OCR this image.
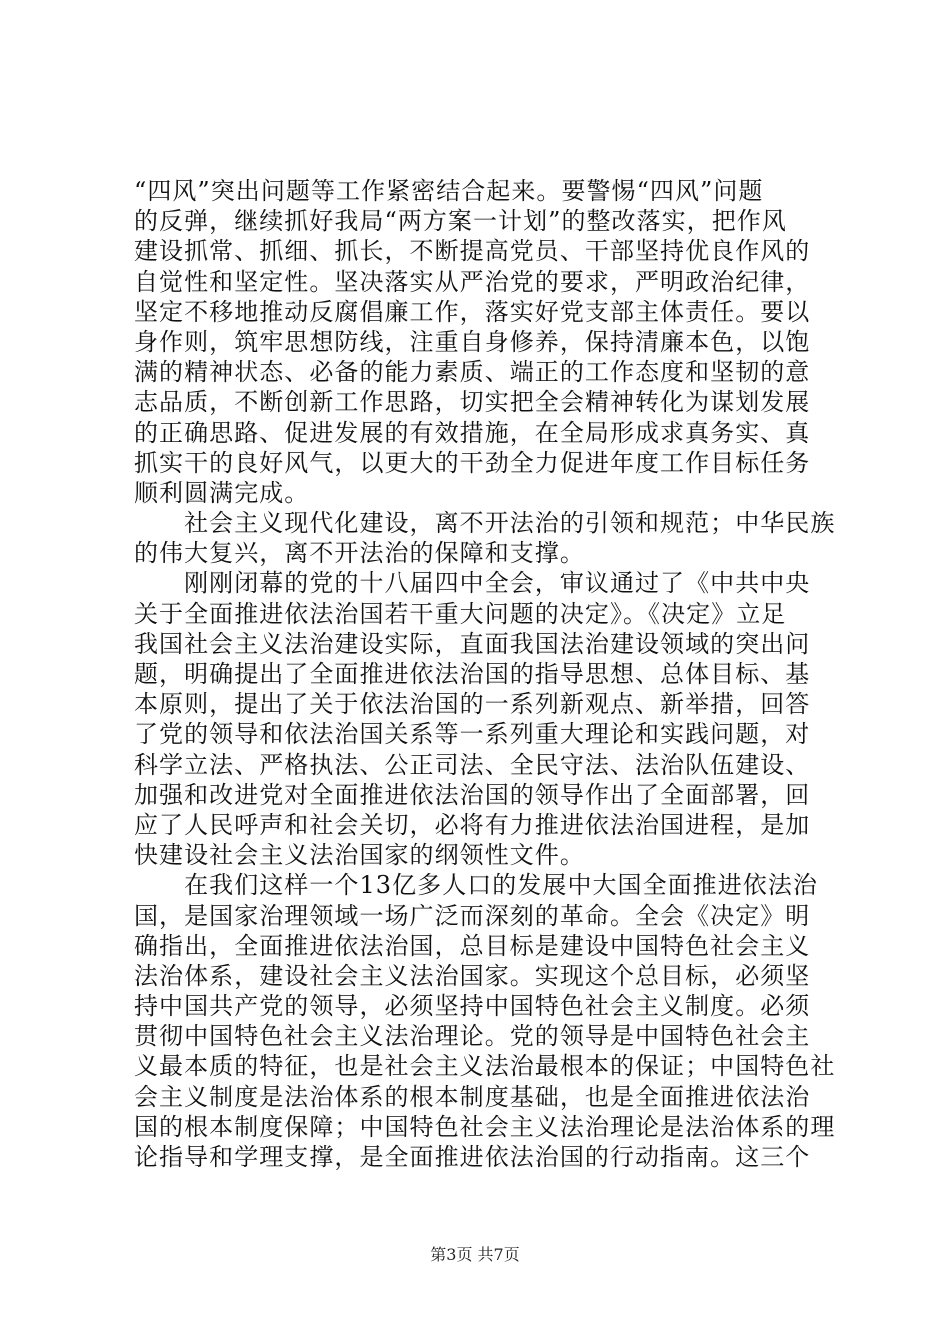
“四风”突出问题等工作紧密结合起来。要警惕“四风”问题
的反弹，继续抓好我局“两方案一计划”的整改落实，把作风
建设抓常、抓细、抓长，不断提高党员、干部坚持优良作风的
自觉性和坚定性。坚决落实从严治党的要求，严明政治纪律，
坚定不移地推动反腐倡廉工作，落实好党支部主体责任。要以
身作则，筑牢思想防线，注重自身修养，保持清廉本色，以饱
满的精神状态、必备的能力素质、端正的工作态度和坚韧的意
志品质，不断创新工作思路，切实把全会精神转化为谋划发展
的正确思路、促进发展的有效措施，在全局形成求真务实、真
抓实干的良好风气，以更大的干劲全力促进年度工作目标任务
顺利圆满完成。
　　社会主义现代化建设，离不开法治的引领和规范；中华民族
的伟大复兴，离不开法治的保障和支撑。
　　刚刚闭幕的党的十八届四中全会，审议通过了《中共中央
关于全面推进依法治国若干重大问题的决定》。《决定》立足
我国社会主义法治建设实际，直面我国法治建设领域的突出问
题，明确提出了全面推进依法治国的指导思想、总体目标、基
本原则，提出了关于依法治国的一系列新观点、新举措，回答
了党的领导和依法治国关系等一系列重大理论和实践问题，对
科学立法、严格执法、公正司法、全民守法、法治队伍建设、
加强和改进党对全面推进依法治国的领导作出了全面部署，回
应了人民呼声和社会关切，必将有力推进依法治国进程，是加
快建设社会主义法治国家的纲领性文件。
　　在我们这样一个13亿多人口的发展中大国全面推进依法治
国，是国家治理领域一场广泛而深刻的革命。全会《决定》明
确指出，全面推进依法治国，总目标是建设中国特色社会主义
法治体系，建设社会主义法治国家。实现这个总目标，必须坚
持中国共产党的领导，必须坚持中国特色社会主义制度。必须
贯彻中国特色社会主义法治理论。党的领导是中国特色社会主
义最本质的特征，也是社会主义法治最根本的保证；中国特色社
会主义制度是法治体系的根本制度基础，也是全面推进依法治
国的根本制度保障；中国特色社会主义法治理论是法治体系的理
论指导和学理支撑，是全面推进依法治国的行动指南。这三个
第3页 共7页
